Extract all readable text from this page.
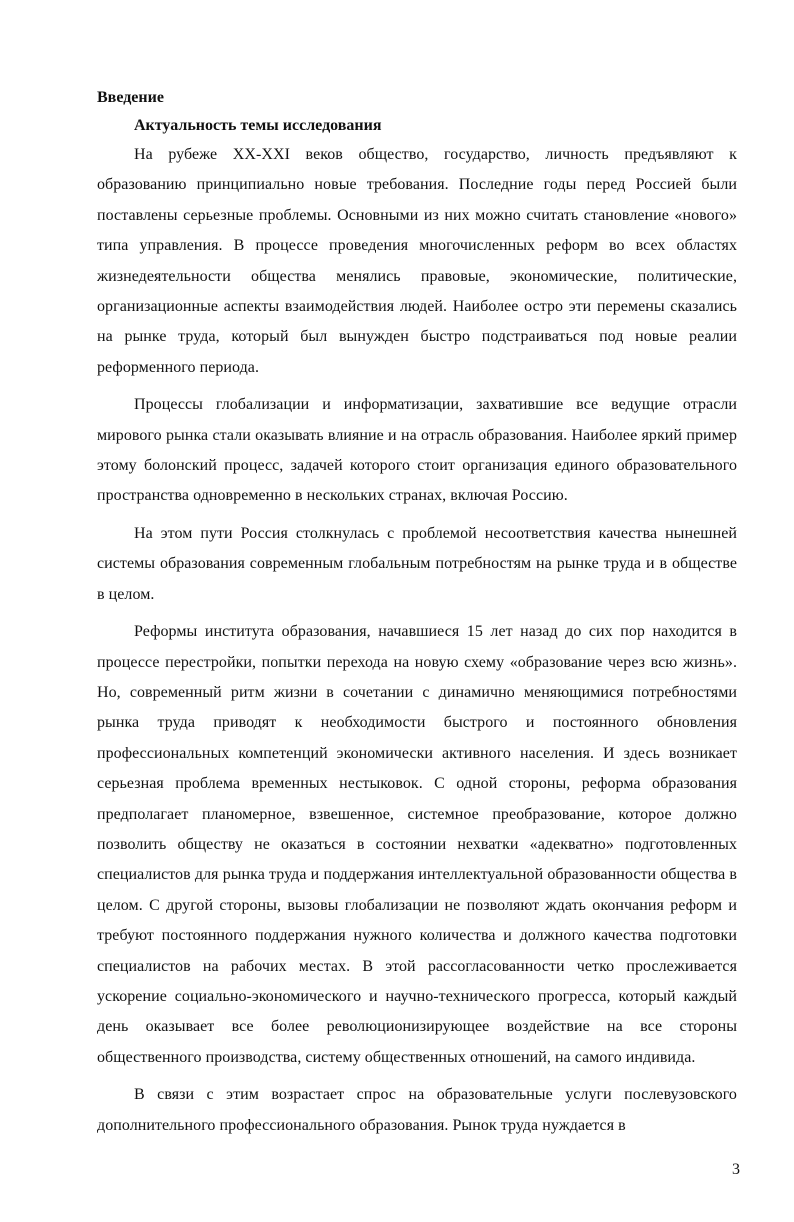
Введение
Актуальность темы исследования

На рубеже XX-XXI веков общество, государство, личность предъявляют к образованию принципиально новые требования. Последние годы перед Россией были поставлены серьезные проблемы. Основными из них можно считать становление «нового» типа управления. В процессе проведения многочисленных реформ во всех областях жизнедеятельности общества менялись правовые, экономические, политические, организационные аспекты взаимодействия людей. Наиболее остро эти перемены сказались на рынке труда, который был вынужден быстро подстраиваться под новые реалии реформенного периода.

Процессы глобализации и информатизации, захватившие все ведущие отрасли мирового рынка стали оказывать влияние и на отрасль образования. Наиболее яркий пример этому болонский процесс, задачей которого стоит организация единого образовательного пространства одновременно в нескольких странах, включая Россию.

На этом пути Россия столкнулась с проблемой несоответствия качества нынешней системы образования современным глобальным потребностям на рынке труда и в обществе в целом.

Реформы института образования, начавшиеся 15 лет назад до сих пор находится в процессе перестройки, попытки перехода на новую схему «образование через всю жизнь». Но, современный ритм жизни в сочетании с динамично меняющимися потребностями рынка труда приводят к необходимости быстрого и постоянного обновления профессиональных компетенций экономически активного населения. И здесь возникает серьезная проблема временных нестыковок. С одной стороны, реформа образования предполагает планомерное, взвешенное, системное преобразование, которое должно позволить обществу не оказаться в состоянии нехватки «адекватно» подготовленных специалистов для рынка труда и поддержания интеллектуальной образованности общества в целом. С другой стороны, вызовы глобализации не позволяют ждать окончания реформ и требуют постоянного поддержания нужного количества и должного качества подготовки специалистов на рабочих местах. В этой рассогласованности четко прослеживается ускорение социально-экономического и научно-технического прогресса, который каждый день оказывает все более революционизирующее воздействие на все стороны общественного производства, систему общественных отношений, на самого индивида.

В связи с этим возрастает спрос на образовательные услуги послевузовского дополнительного профессионального образования. Рынок труда нуждается в

3
